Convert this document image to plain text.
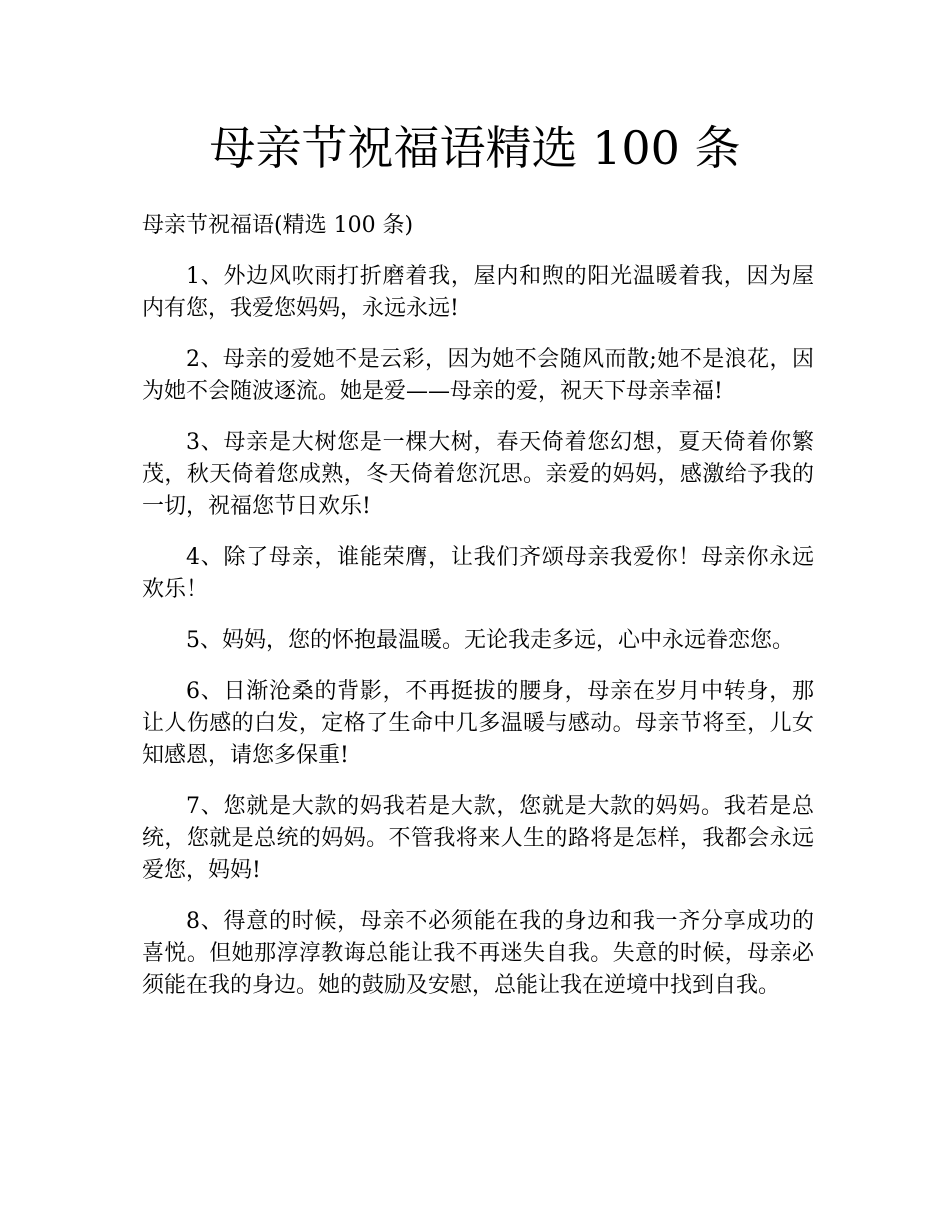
母亲节祝福语精选 100 条

母亲节祝福语(精选 100 条)

1、外边风吹雨打折磨着我，屋内和煦的阳光温暖着我，因为屋内有您，我爱您妈妈，永远永远!

2、母亲的爱她不是云彩，因为她不会随风而散;她不是浪花，因为她不会随波逐流。她是爱——母亲的爱，祝天下母亲幸福!

3、母亲是大树您是一棵大树，春天倚着您幻想，夏天倚着你繁茂，秋天倚着您成熟，冬天倚着您沉思。亲爱的妈妈，感激给予我的一切，祝福您节日欢乐!

4、除了母亲，谁能荣膺，让我们齐颂母亲我爱你！母亲你永远欢乐！

5、妈妈，您的怀抱最温暖。无论我走多远，心中永远眷恋您。

6、日渐沧桑的背影，不再挺拔的腰身，母亲在岁月中转身，那让人伤感的白发，定格了生命中几多温暖与感动。母亲节将至，儿女知感恩，请您多保重!

7、您就是大款的妈我若是大款，您就是大款的妈妈。我若是总统，您就是总统的妈妈。不管我将来人生的路将是怎样，我都会永远爱您，妈妈!

8、得意的时候，母亲不必须能在我的身边和我一齐分享成功的喜悦。但她那淳淳教诲总能让我不再迷失自我。失意的时候，母亲必须能在我的身边。她的鼓励及安慰，总能让我在逆境中找到自我。
